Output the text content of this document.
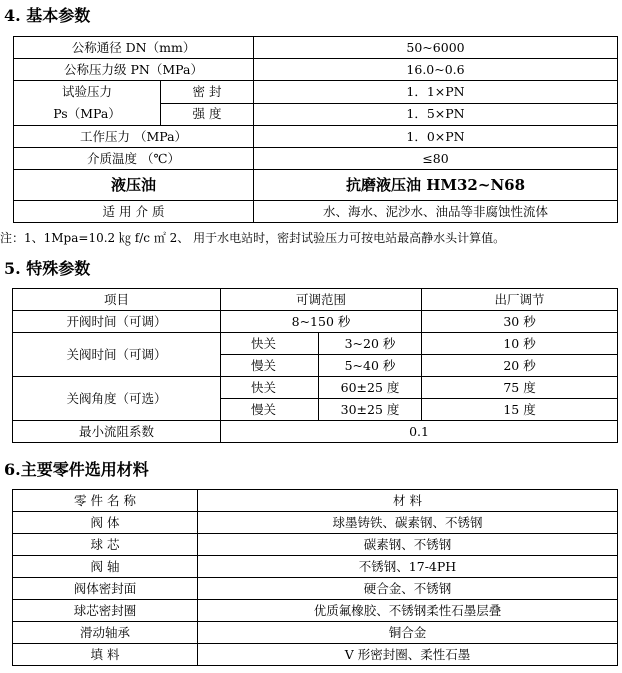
4. 基本参数
公称通径 DN（mm）		50~6000
公称压力级 PN（MPa）		16.0~0.6

试验压力
Ps（MPa）	密 封	1．1×PN
	强 度	1．5×PN
工作压力 （MPa）		1．0×PN
介质温度 （℃）		≤80
液压油		抗磨液压油 HM32~N68
适 用 介 质		水、海水、泥沙水、油品等非腐蚀性流体
注：1、1Mpa=10.2 ㎏ f/c ㎡ 2、 用于水电站时，密封试验压力可按电站最高静水头计算值。
5. 特殊参数
项目	可调范围		出厂调节
开阀时间（可调）	8~150 秒		30 秒
关阀时间（可调）	快关	3~20 秒	10 秒
	慢关	5~40 秒	20 秒
关阀角度（可选）	快关	60±25 度	75 度
	慢关	30±25 度	15 度
最小流阻系数	0.1		
6.主要零件选用材料
零 件 名 称	材 料
阀 体	球墨铸铁、碳素钢、不锈钢
球 芯	碳素钢、不锈钢
阀 轴	不锈钢、17-4PH
阀体密封面	硬合金、不锈钢
球芯密封圈	优质氟橡胶、不锈钢柔性石墨层叠
滑动轴承	铜合金
填 料	V 形密封圈、柔性石墨
